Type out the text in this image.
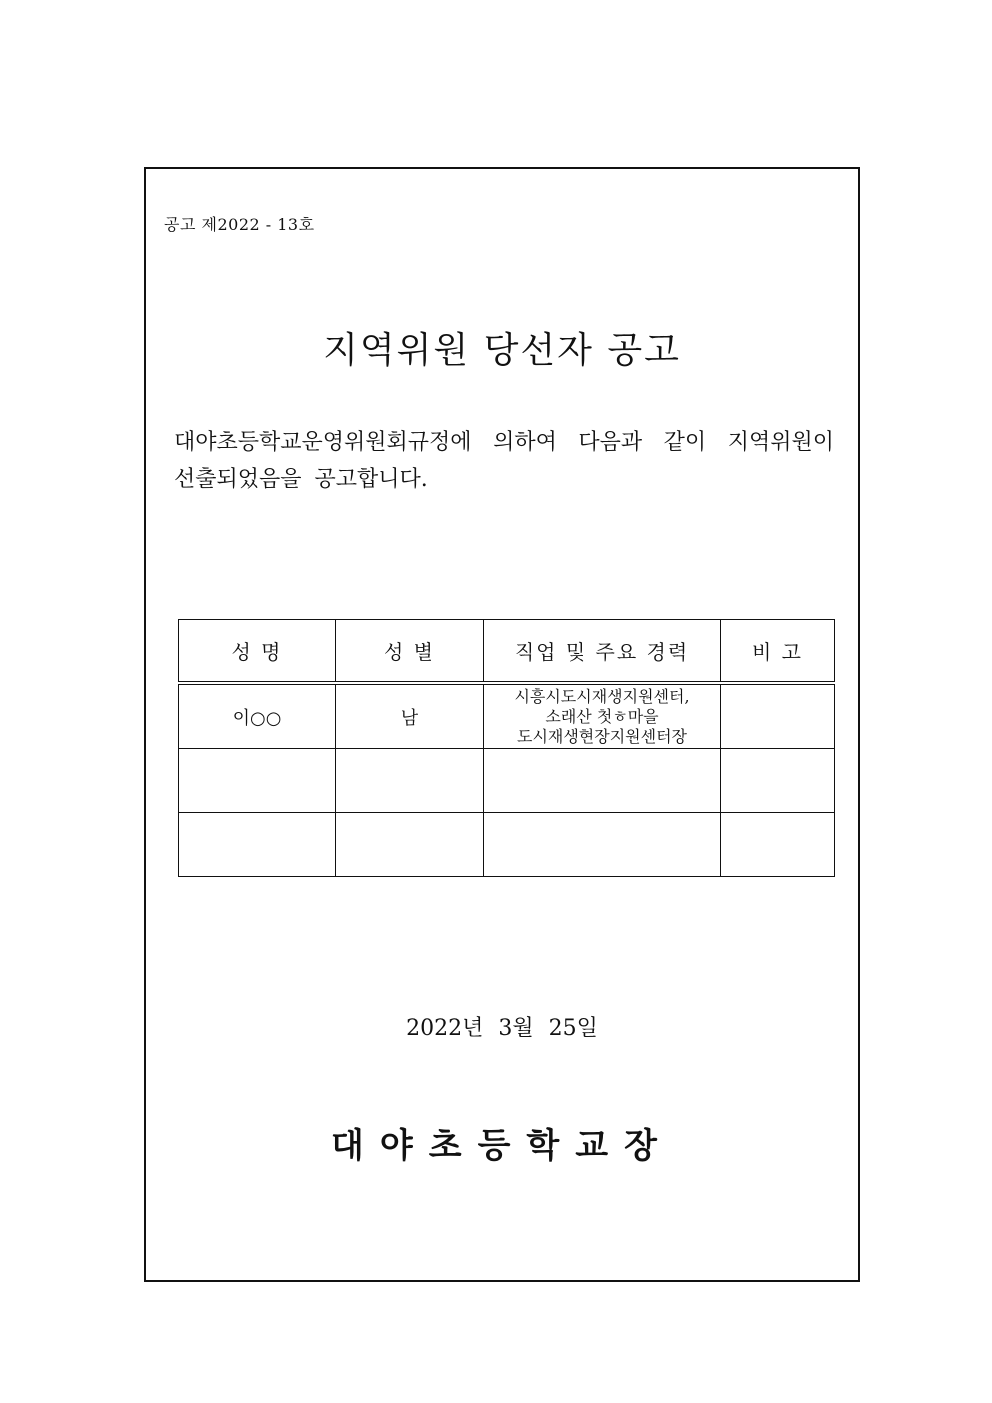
공고 제2022 - 13호
지역위원 당선자 공고
대야초등학교운영위원회규정에 의하여 다음과 같이 지역위원이 선출되었음을 공고합니다.
성 명	성 별	직업 및 주요 경력	비 고
이○○	남	시흥시도시재생지원센터,
소래산 첫ㅎ마을
도시재생현장지원센터장	

2022년 3월 25일
대야초등학교장
